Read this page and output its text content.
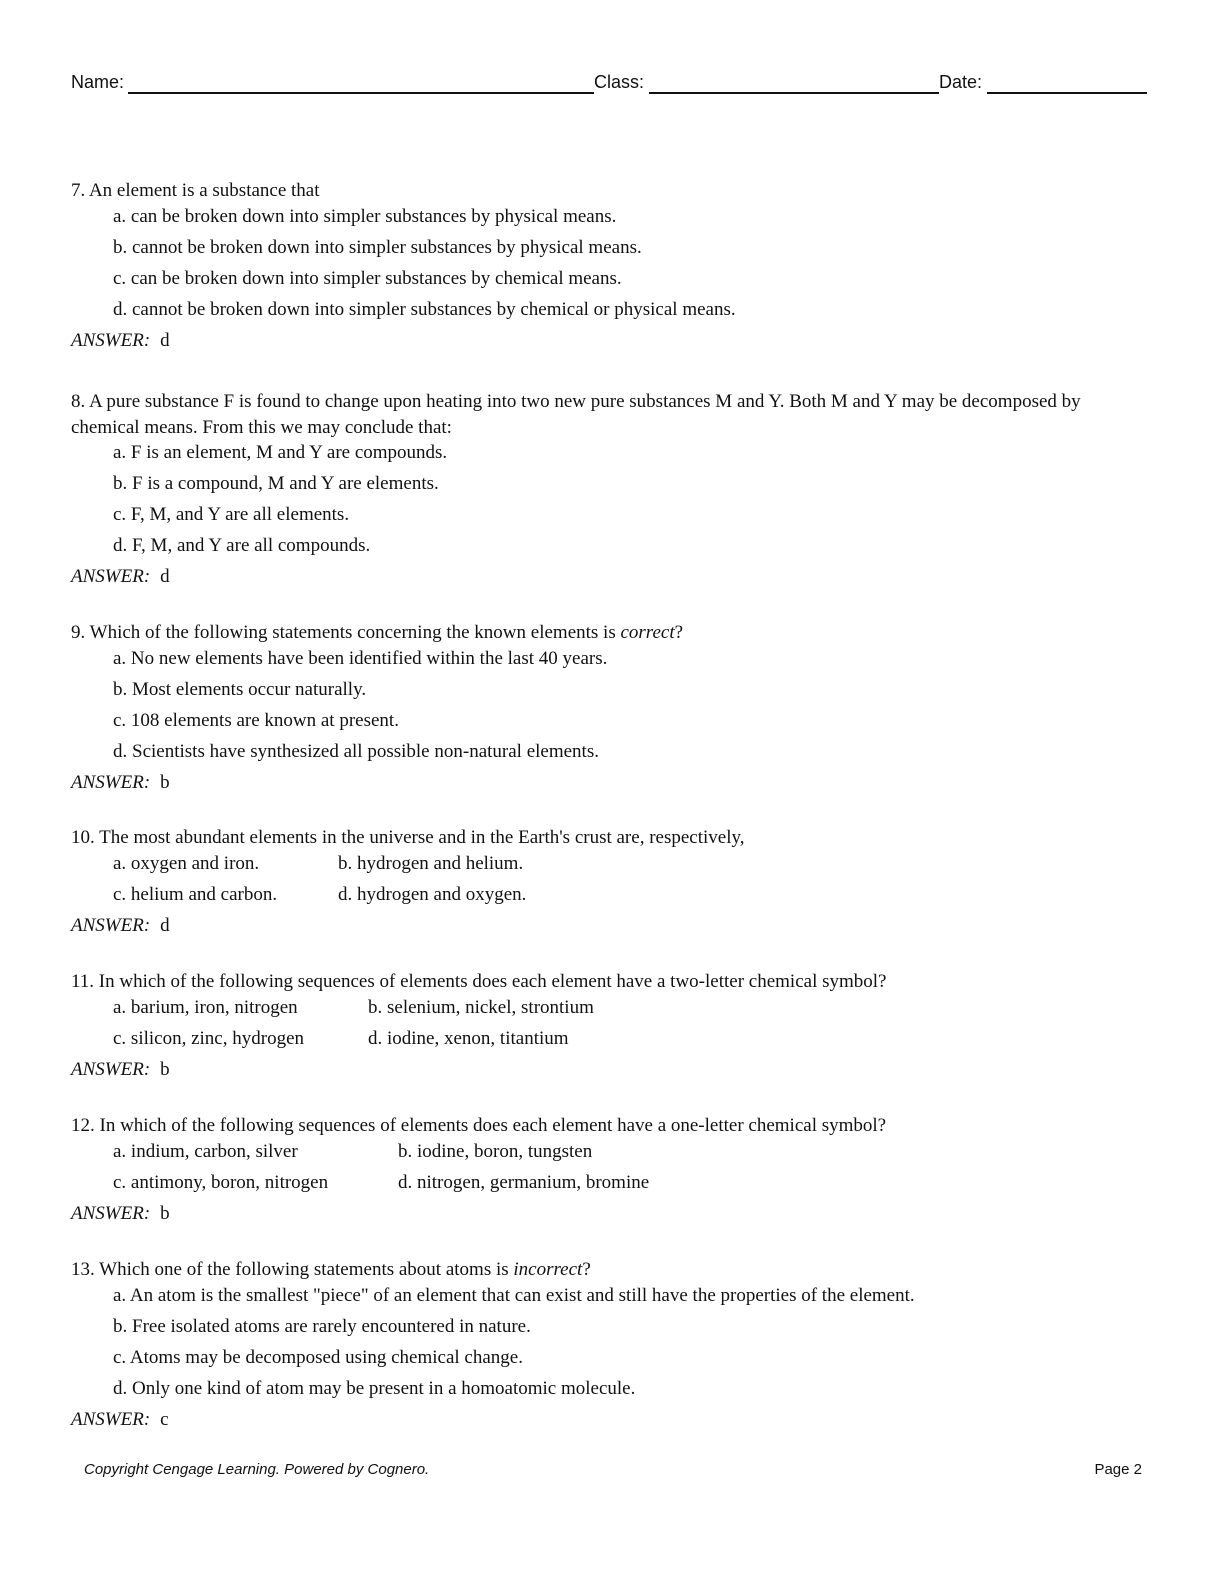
Name:	Class:	Date:
7. An element is a substance that
a. can be broken down into simpler substances by physical means.
b. cannot be broken down into simpler substances by physical means.
c. can be broken down into simpler substances by chemical means.
d. cannot be broken down into simpler substances by chemical or physical means.
ANSWER: d
8. A pure substance F is found to change upon heating into two new pure substances M and Y. Both M and Y may be decomposed by chemical means. From this we may conclude that:
a. F is an element, M and Y are compounds.
b. F is a compound, M and Y are elements.
c. F, M, and Y are all elements.
d. F, M, and Y are all compounds.
ANSWER: d
9. Which of the following statements concerning the known elements is correct?
a. No new elements have been identified within the last 40 years.
b. Most elements occur naturally.
c. 108 elements are known at present.
d. Scientists have synthesized all possible non-natural elements.
ANSWER: b
10. The most abundant elements in the universe and in the Earth's crust are, respectively,
a. oxygen and iron.	b. hydrogen and helium.
c. helium and carbon.	d. hydrogen and oxygen.
ANSWER: d
11. In which of the following sequences of elements does each element have a two-letter chemical symbol?
a. barium, iron, nitrogen	b. selenium, nickel, strontium
c. silicon, zinc, hydrogen	d. iodine, xenon, titantium
ANSWER: b
12. In which of the following sequences of elements does each element have a one-letter chemical symbol?
a. indium, carbon, silver	b. iodine, boron, tungsten
c. antimony, boron, nitrogen	d. nitrogen, germanium, bromine
ANSWER: b
13. Which one of the following statements about atoms is incorrect?
a. An atom is the smallest "piece" of an element that can exist and still have the properties of the element.
b. Free isolated atoms are rarely encountered in nature.
c. Atoms may be decomposed using chemical change.
d. Only one kind of atom may be present in a homoatomic molecule.
ANSWER: c
Copyright Cengage Learning. Powered by Cognero.	Page 2
